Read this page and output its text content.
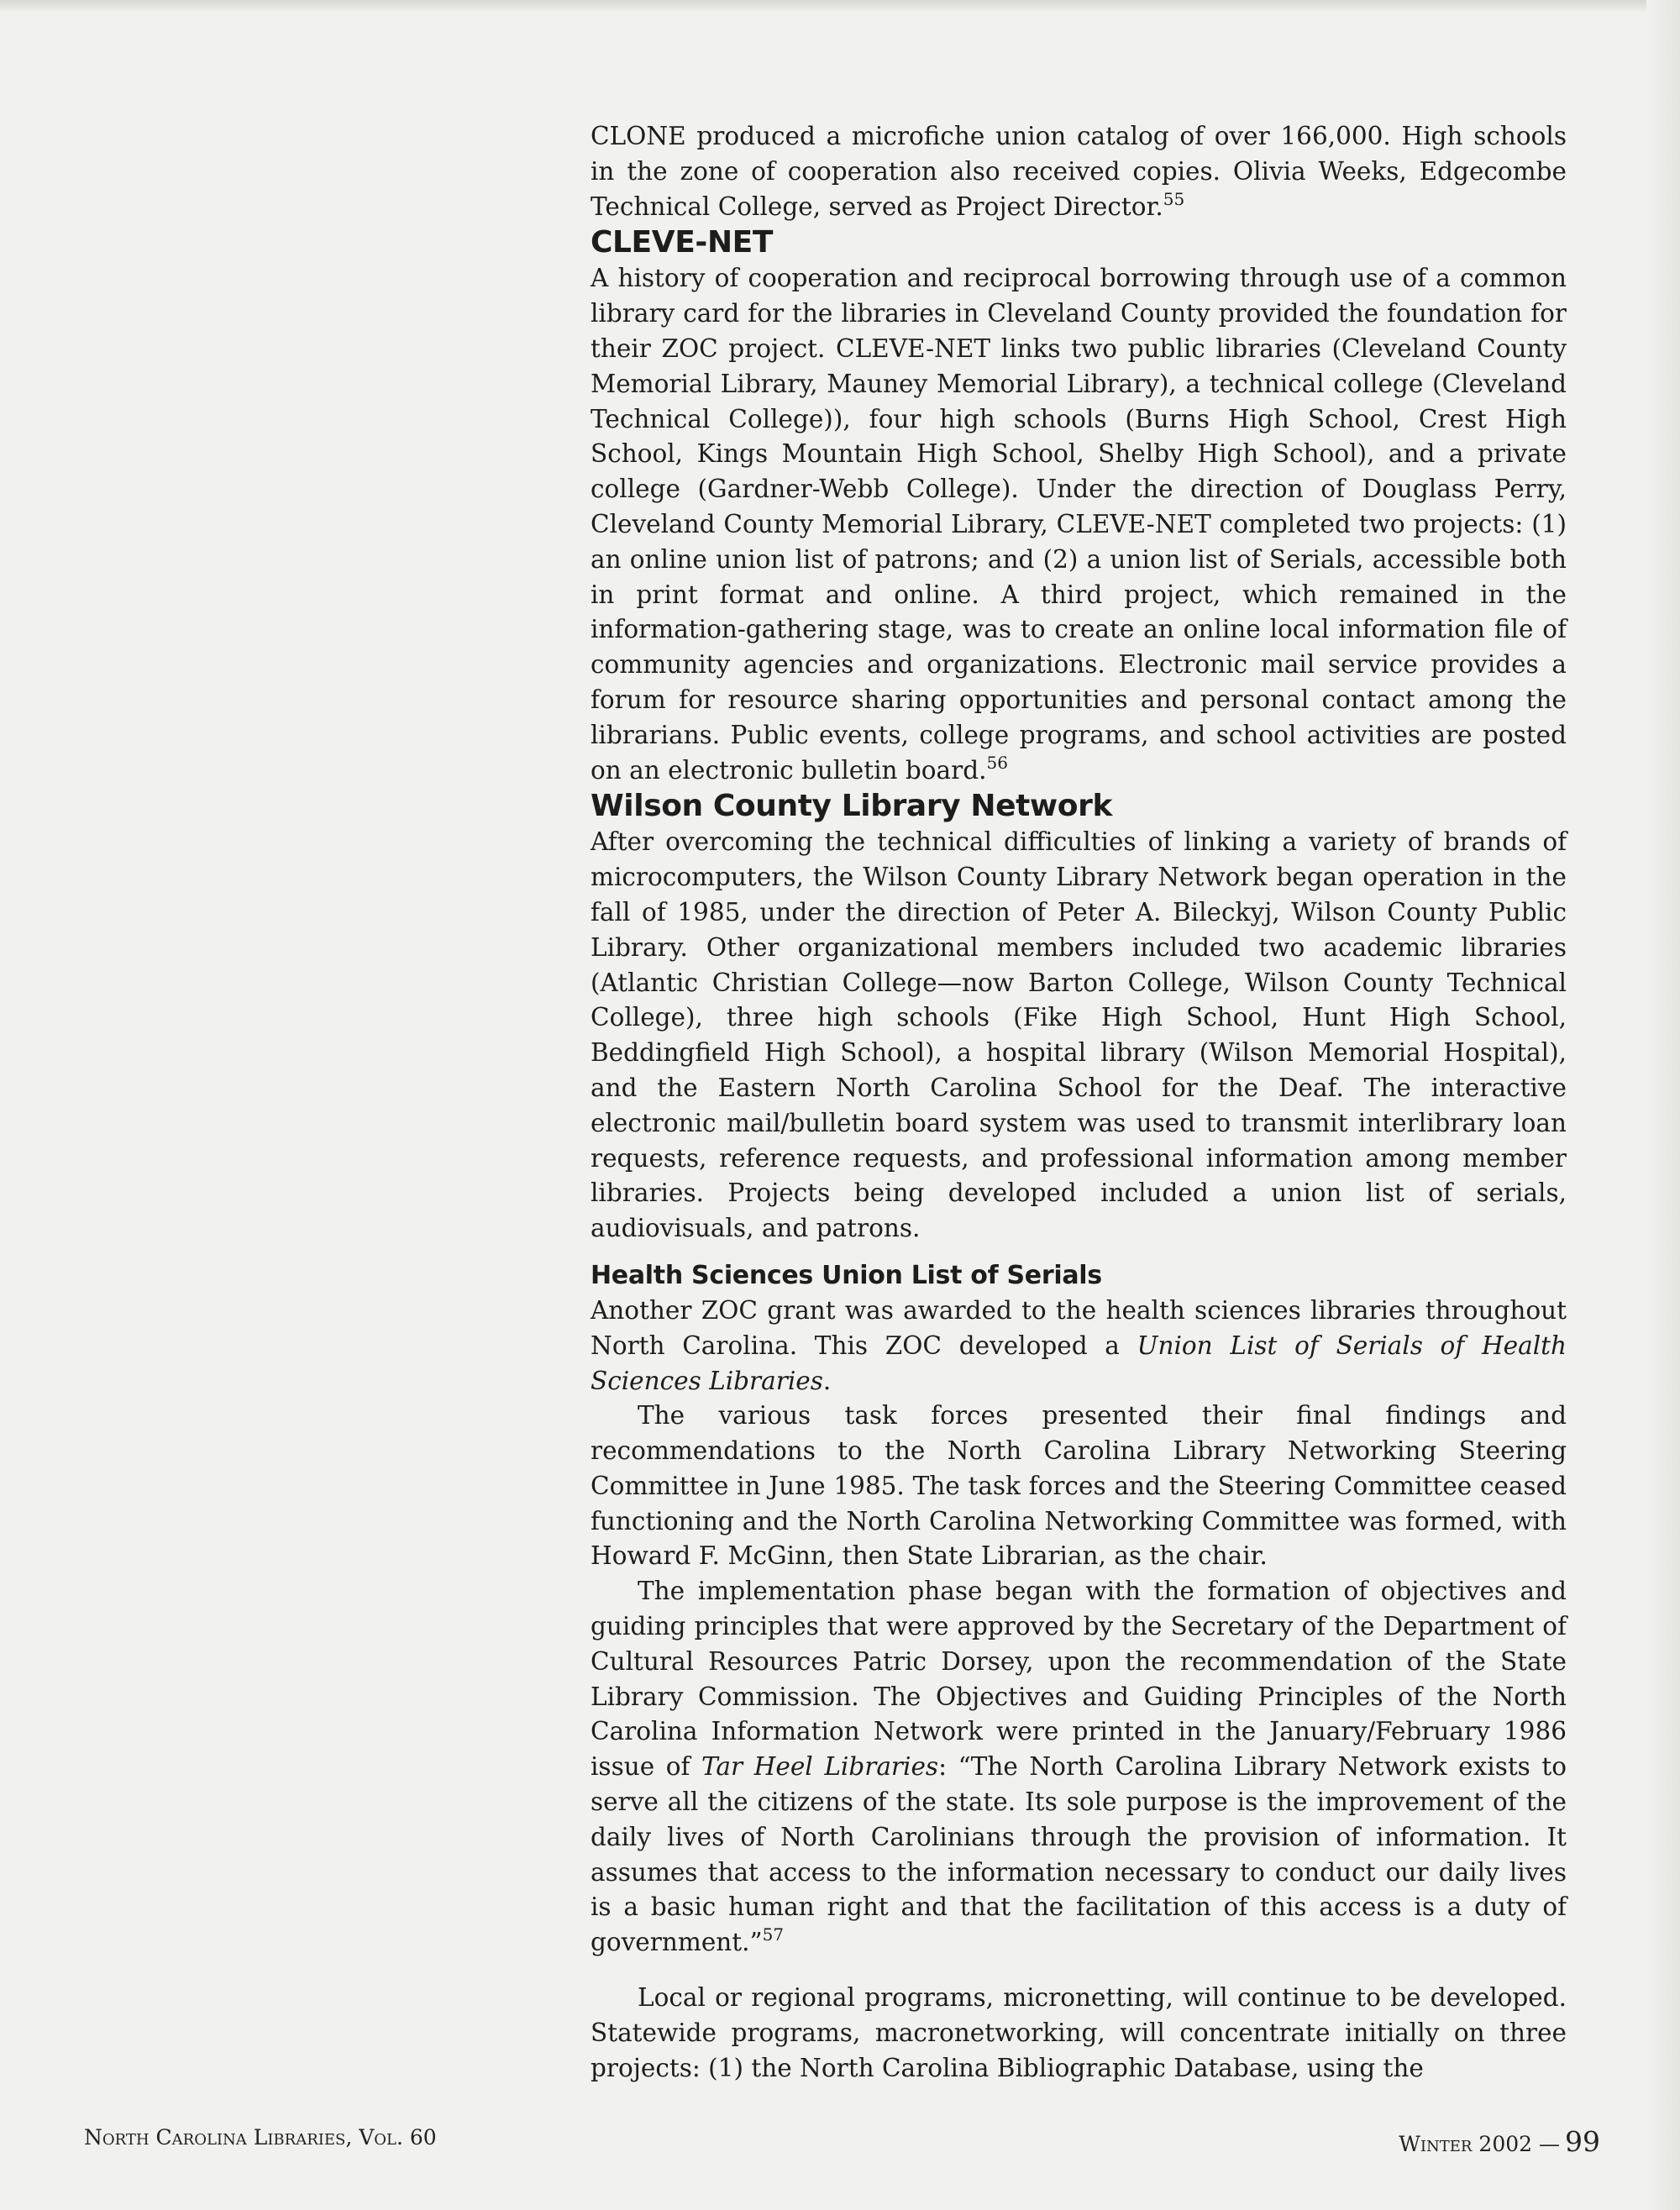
CLONE produced a microfiche union catalog of over 166,000. High schools in the zone of cooperation also received copies. Olivia Weeks, Edgecombe Technical College, served as Project Director.$^{55}$

CLEVE-NET

A history of cooperation and reciprocal borrowing through use of a common library card for the libraries in Cleveland County provided the foundation for their ZOC project. CLEVE-NET links two public libraries (Cleveland County Memorial Library, Mauney Memorial Library), a technical college (Cleveland Technical College)), four high schools (Burns High School, Crest High School, Kings Mountain High School, Shelby High School), and a private college (Gardner-Webb College). Under the direction of Douglass Perry, Cleveland County Memorial Library, CLEVE-NET completed two projects: (1) an online union list of patrons; and (2) a union list of Serials, accessible both in print format and online. A third project, which remained in the information-gathering stage, was to create an online local information file of community agencies and organizations. Electronic mail service provides a forum for resource sharing opportunities and personal contact among the librarians. Public events, college programs, and school activities are posted on an electronic bulletin board.$^{56}$

Wilson County Library Network

After overcoming the technical difficulties of linking a variety of brands of microcomputers, the Wilson County Library Network began operation in the fall of 1985, under the direction of Peter A. Bileckyj, Wilson County Public Library. Other organizational members included two academic libraries (Atlantic Christian College—now Barton College, Wilson County Technical College), three high schools (Fike High School, Hunt High School, Beddingfield High School), a hospital library (Wilson Memorial Hospital), and the Eastern North Carolina School for the Deaf. The interactive electronic mail/bulletin board system was used to transmit interlibrary loan requests, reference requests, and professional information among member libraries. Projects being developed included a union list of serials, audiovisuals, and patrons.

Health Sciences Union List of Serials

Another ZOC grant was awarded to the health sciences libraries throughout North Carolina. This ZOC developed a Union List of Serials of Health Sciences Libraries.

The various task forces presented their final findings and recommendations to the North Carolina Library Networking Steering Committee in June 1985. The task forces and the Steering Committee ceased functioning and the North Carolina Networking Committee was formed, with Howard F. McGinn, then State Librarian, as the chair.

The implementation phase began with the formation of objectives and guiding principles that were approved by the Secretary of the Department of Cultural Resources Patric Dorsey, upon the recommendation of the State Library Commission. The Objectives and Guiding Principles of the North Carolina Information Network were printed in the January/February 1986 issue of Tar Heel Libraries: “The North Carolina Library Network exists to serve all the citizens of the state. Its sole purpose is the improvement of the daily lives of North Carolinians through the provision of information. It assumes that access to the information necessary to conduct our daily lives is a basic human right and that the facilitation of this access is a duty of government.”$^{57}$

Local or regional programs, micronetting, will continue to be developed. Statewide programs, macronetworking, will concentrate initially on three projects: (1) the North Carolina Bibliographic Database, using the

North Carolina Libraries, Vol. 60	Winter 2002 — 99
